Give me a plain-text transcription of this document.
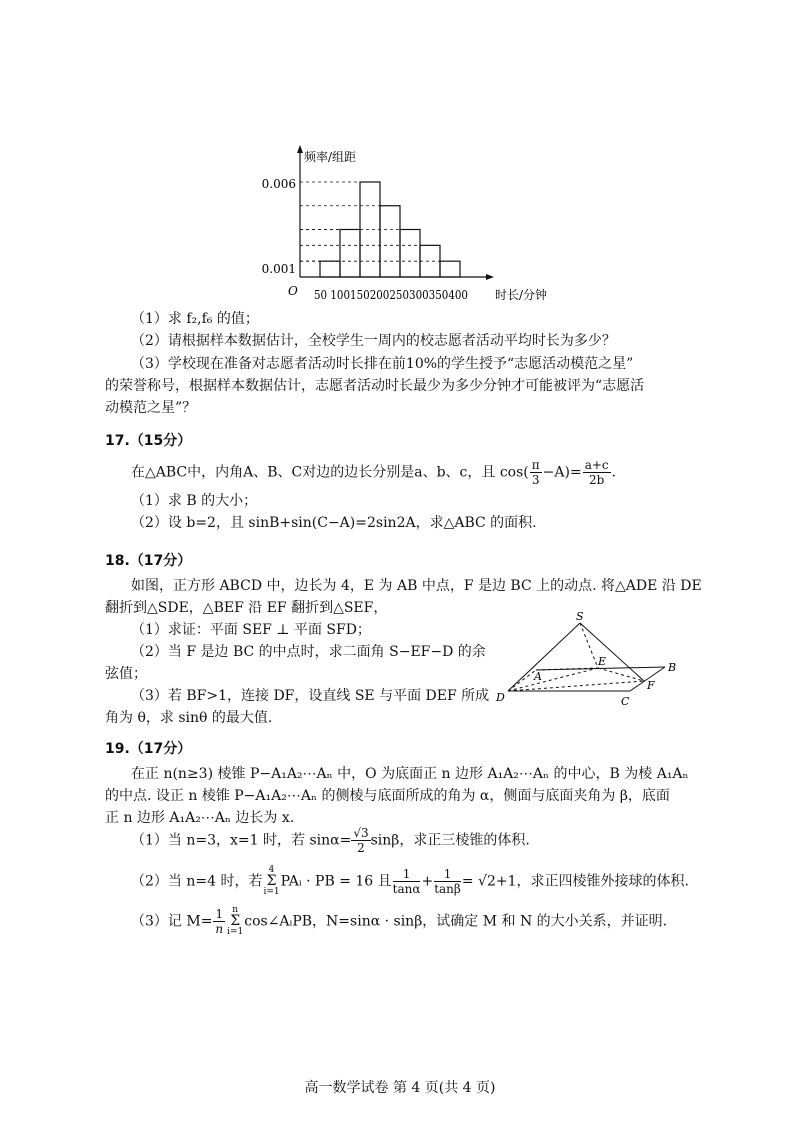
频率/组距
时长/分钟
O
0.006
0.001
50 100150200250300350400
（1）求 f₂,f₆ 的值；
（2）请根据样本数据估计，全校学生一周内的校志愿者活动平均时长为多少？
（3）学校现在准备对志愿者活动时长排在前10%的学生授予“志愿活动模范之星”
的荣誉称号，根据样本数据估计，志愿者活动时长最少为多少分钟才可能被评为“志愿活
动模范之星”？
17.（15分）
在△ABC中，内角A、B、C对边的边长分别是a、b、c，且 $\cos( \frac{\pi}{3} -A)= \frac{a+c}{2b}$ .
（1）求 B 的大小；
（2）设 b=2，且 sinB+sin(C−A)=2sin2A，求△ABC 的面积.
18.（17分）
如图，正方形 ABCD 中，边长为 4，E 为 AB 中点，F 是边 BC 上的动点. 将△ADE 沿 DE
翻折到△SDE，△BEF 沿 EF 翻折到△SEF，
（1）求证：平面 SEF ⊥ 平面 SFD；
（2）当 F 是边 BC 的中点时，求二面角 S−EF−D 的余
弦值；
（3）若 BF>1，连接 DF，设直线 SE 与平面 DEF 所成
角为 θ，求 sinθ 的最大值.
S
A
E	B
F
D	C
19.（17分）
在正 n(n≥3) 棱锥 P−A₁A₂⋯Aₙ 中，O 为底面正 n 边形 A₁A₂⋯Aₙ 的中心，B 为棱 A₁Aₙ
的中点. 设正 n 棱锥 P−A₁A₂⋯Aₙ 的侧棱与底面所成的角为 α，侧面与底面夹角为 β，底面
正 n 边形 A₁A₂⋯Aₙ 边长为 x.
（1）当 n=3，x=1 时，若 $\sin\alpha= \frac{√3}{2}$ sinβ，求正三棱锥的体积.
（2）当 n=4 时，若
4
Σ
i=1
PAᵢ · PB = 16 且 $\frac{1}{\tan\alpha} + \frac{1}{\tan\beta} = √2+1$，求正四棱锥外接球的体积.
（3）记 $M= \frac{1}{n}$ n
Σ
i=1
cos∠AᵢPB，N=sinα · sinβ，试确定 M 和 N 的大小关系，并证明.
高一数学试卷 第 4 页(共 4 页)
